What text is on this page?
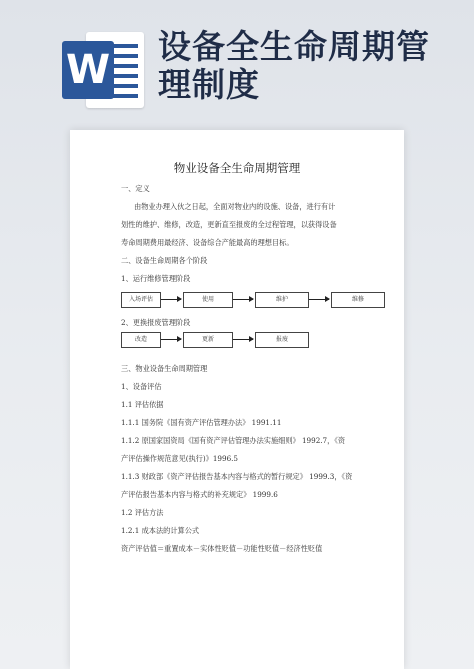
W
设备全生命周期管理制度
物业设备全生命周期管理
一、定义
由物业办理入伙之日起，全面对物业内的设施、设备，进行有计
划性的维护、维修，改造，更新直至报废的全过程管理，以获得设备
寿命周期费用最经济、设备综合产能最高的理想目标。
二、设备生命周期各个阶段
1、运行维修管理阶段
入场评估	使用	维护	维修
2、更换报废管理阶段
改造	更新	报废
三、物业设备生命周期管理
1、设备评估
1.1 评估依据
1.1.1 国务院《国有资产评估管理办法》 1991.11
1.1.2 原国家国资局《国有资产评估管理办法实施细则》 1992.7，《资
产评估操作规范意见(执行)》1996.5
1.1.3 财政部《资产评估报告基本内容与格式的暂行规定》 1999.3，《资
产评估报告基本内容与格式的补充规定》 1999.6
1.2 评估方法
1.2.1 成本法的计算公式
资产评估值＝重置成本－实体性贬值－功能性贬值－经济性贬值
